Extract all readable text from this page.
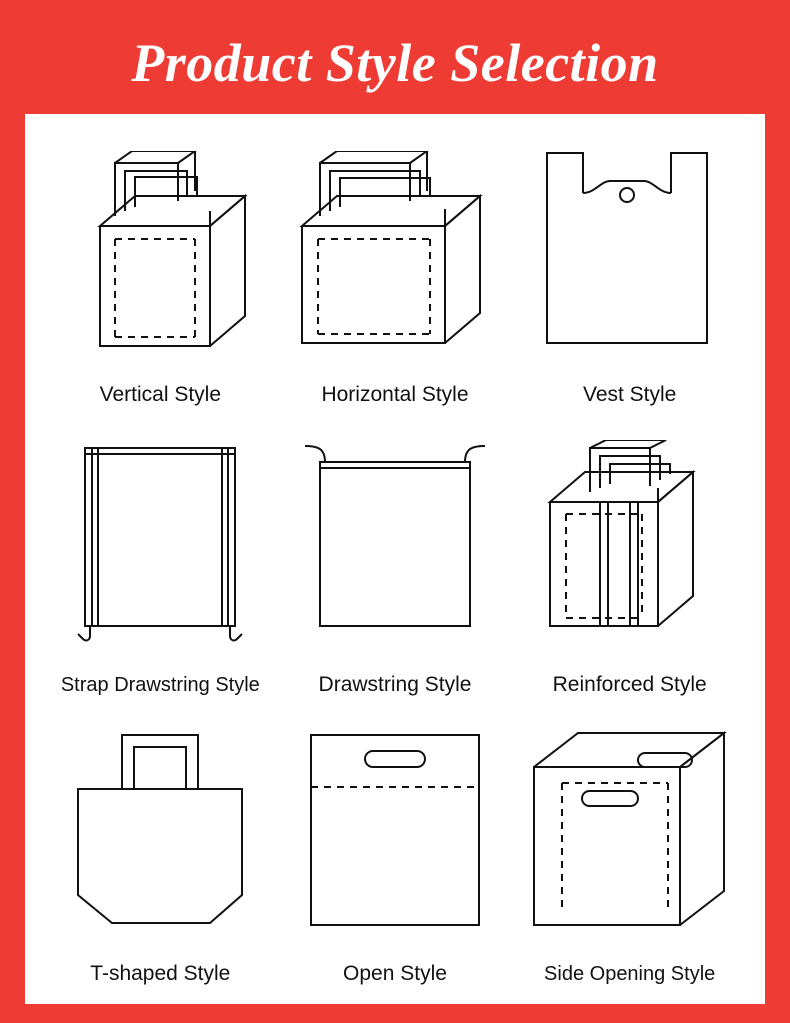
Product Style Selection
Vertical Style	Horizontal Style	Vest Style
Strap Drawstring Style	Drawstring Style	Reinforced Style
T-shaped Style	Open Style	Side Opening Style
